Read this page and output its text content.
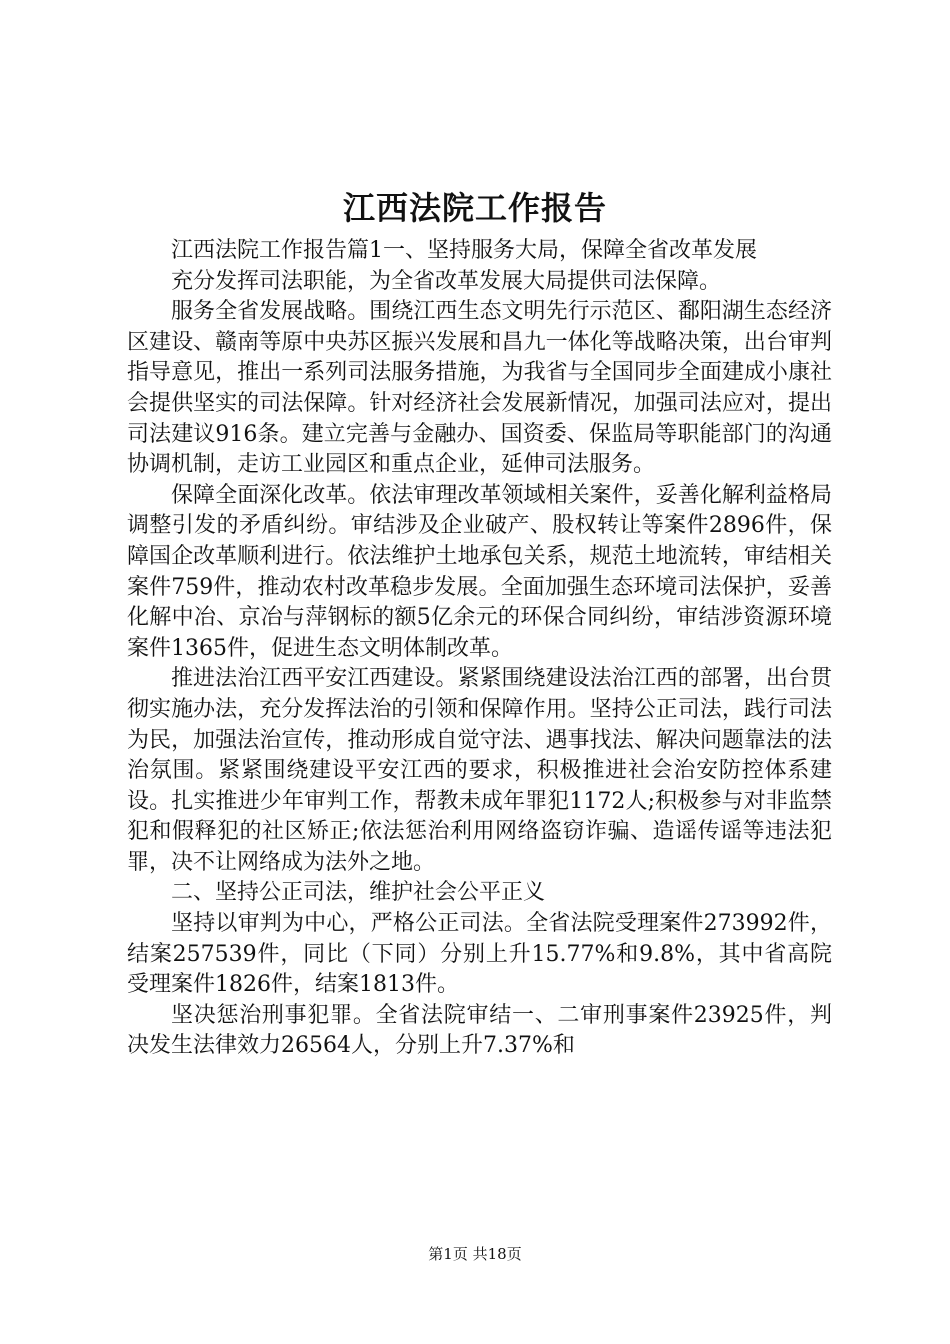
江西法院工作报告

江西法院工作报告篇1一、坚持服务大局，保障全省改革发展

充分发挥司法职能，为全省改革发展大局提供司法保障。

服务全省发展战略。围绕江西生态文明先行示范区、鄱阳湖生态经济区建设、赣南等原中央苏区振兴发展和昌九一体化等战略决策，出台审判指导意见，推出一系列司法服务措施，为我省与全国同步全面建成小康社会提供坚实的司法保障。针对经济社会发展新情况，加强司法应对，提出司法建议916条。建立完善与金融办、国资委、保监局等职能部门的沟通协调机制，走访工业园区和重点企业，延伸司法服务。

保障全面深化改革。依法审理改革领域相关案件，妥善化解利益格局调整引发的矛盾纠纷。审结涉及企业破产、股权转让等案件2896件，保障国企改革顺利进行。依法维护土地承包关系，规范土地流转，审结相关案件759件，推动农村改革稳步发展。全面加强生态环境司法保护，妥善化解中冶、京冶与萍钢标的额5亿余元的环保合同纠纷，审结涉资源环境案件1365件，促进生态文明体制改革。

推进法治江西平安江西建设。紧紧围绕建设法治江西的部署，出台贯彻实施办法，充分发挥法治的引领和保障作用。坚持公正司法，践行司法为民，加强法治宣传，推动形成自觉守法、遇事找法、解决问题靠法的法治氛围。紧紧围绕建设平安江西的要求，积极推进社会治安防控体系建设。扎实推进少年审判工作，帮教未成年罪犯1172人;积极参与对非监禁犯和假释犯的社区矫正;依法惩治利用网络盗窃诈骗、造谣传谣等违法犯罪，决不让网络成为法外之地。

二、坚持公正司法，维护社会公平正义

坚持以审判为中心，严格公正司法。全省法院受理案件273992件，结案257539件，同比（下同）分别上升15.77%和9.8%，其中省高院受理案件1826件，结案1813件。

坚决惩治刑事犯罪。全省法院审结一、二审刑事案件23925件，判决发生法律效力26564人，分别上升7.37%和

第1页 共18页
